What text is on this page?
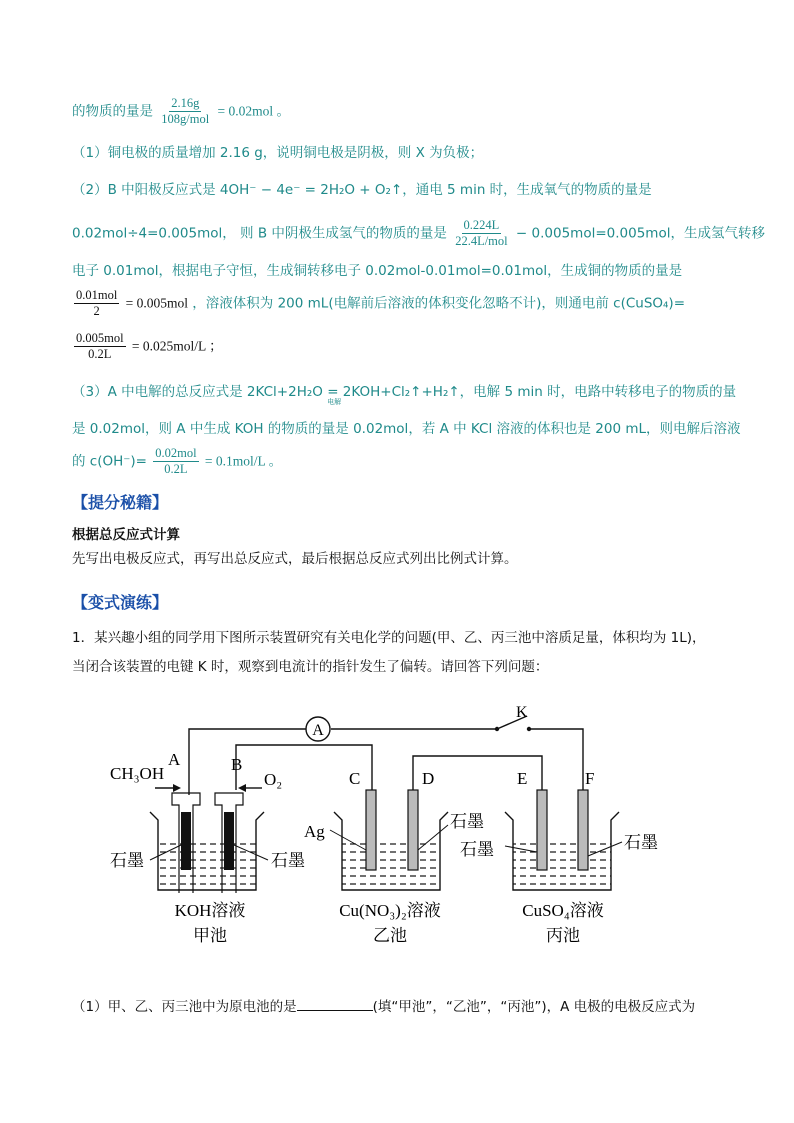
的物质的量是 $\frac{2.16g}{\text{108g/mol}} = 0.02mol$ 。
（1）铜电极的质量增加 2.16 g，说明铜电极是阴极，则 X 为负极；
（2）B 中阳极反应式是 4OH⁻ − 4e⁻ = 2H₂O + O₂↑，通电 5 min 时，生成氧气的物质的量是
0.02mol÷4=0.005mol， 则 B 中阴极生成氢气的物质的量是 $\frac{0.224L}{\text{22.4L/mol}} - 0.005mol=0.005mol$，生成氢气转移
电子 0.01mol，根据电子守恒，生成铜转移电子 0.02mol-0.01mol=0.01mol，生成铜的物质的量是
$\frac{\text{0.01mol}}{2} = 0.005mol$ ，溶液体积为 200 mL(电解前后溶液的体积变化忽略不计)，则通电前 c(CuSO₄)=
$\frac{\text{0.005mol}}{0.2L} = 0.025mol/L$ ；
（3）A 中电解的总反应式是 2KCl+2H₂O =
电解
2KOH+Cl₂↑+H₂↑，电解 5 min 时，电路中转移电子的物质的量
是 0.02mol，则 A 中生成 KOH 的物质的量是 0.02mol，若 A 中 KCl 溶液的体积也是 200 mL，则电解后溶液
的 $c(OH^-)= \frac{\text{0.02mol}}{0.2L} = 0.1mol/L$ 。
【提分秘籍】
根据总反应式计算
先写出电极反应式，再写出总反应式，最后根据总反应式列出比例式计算。
【变式演练】
1．某兴趣小组的同学用下图所示装置研究有关电化学的问题(甲、乙、丙三池中溶质足量，体积均为 1L)，
当闭合该装置的电键 K 时，观察到电流计的指针发生了偏转。请回答下列问题：
A
K
CH₃OH
A	B
O₂
石墨	石墨
KOH溶液
甲池
C	D
Ag
石墨
Cu(NO₃)₂溶液
乙池
E	F
石墨	石墨
CuSO₄溶液
丙池
（1）甲、乙、丙三池中为原电池的是	(填“甲池”，“乙池”，“丙池”)，A 电极的电极反应式为
